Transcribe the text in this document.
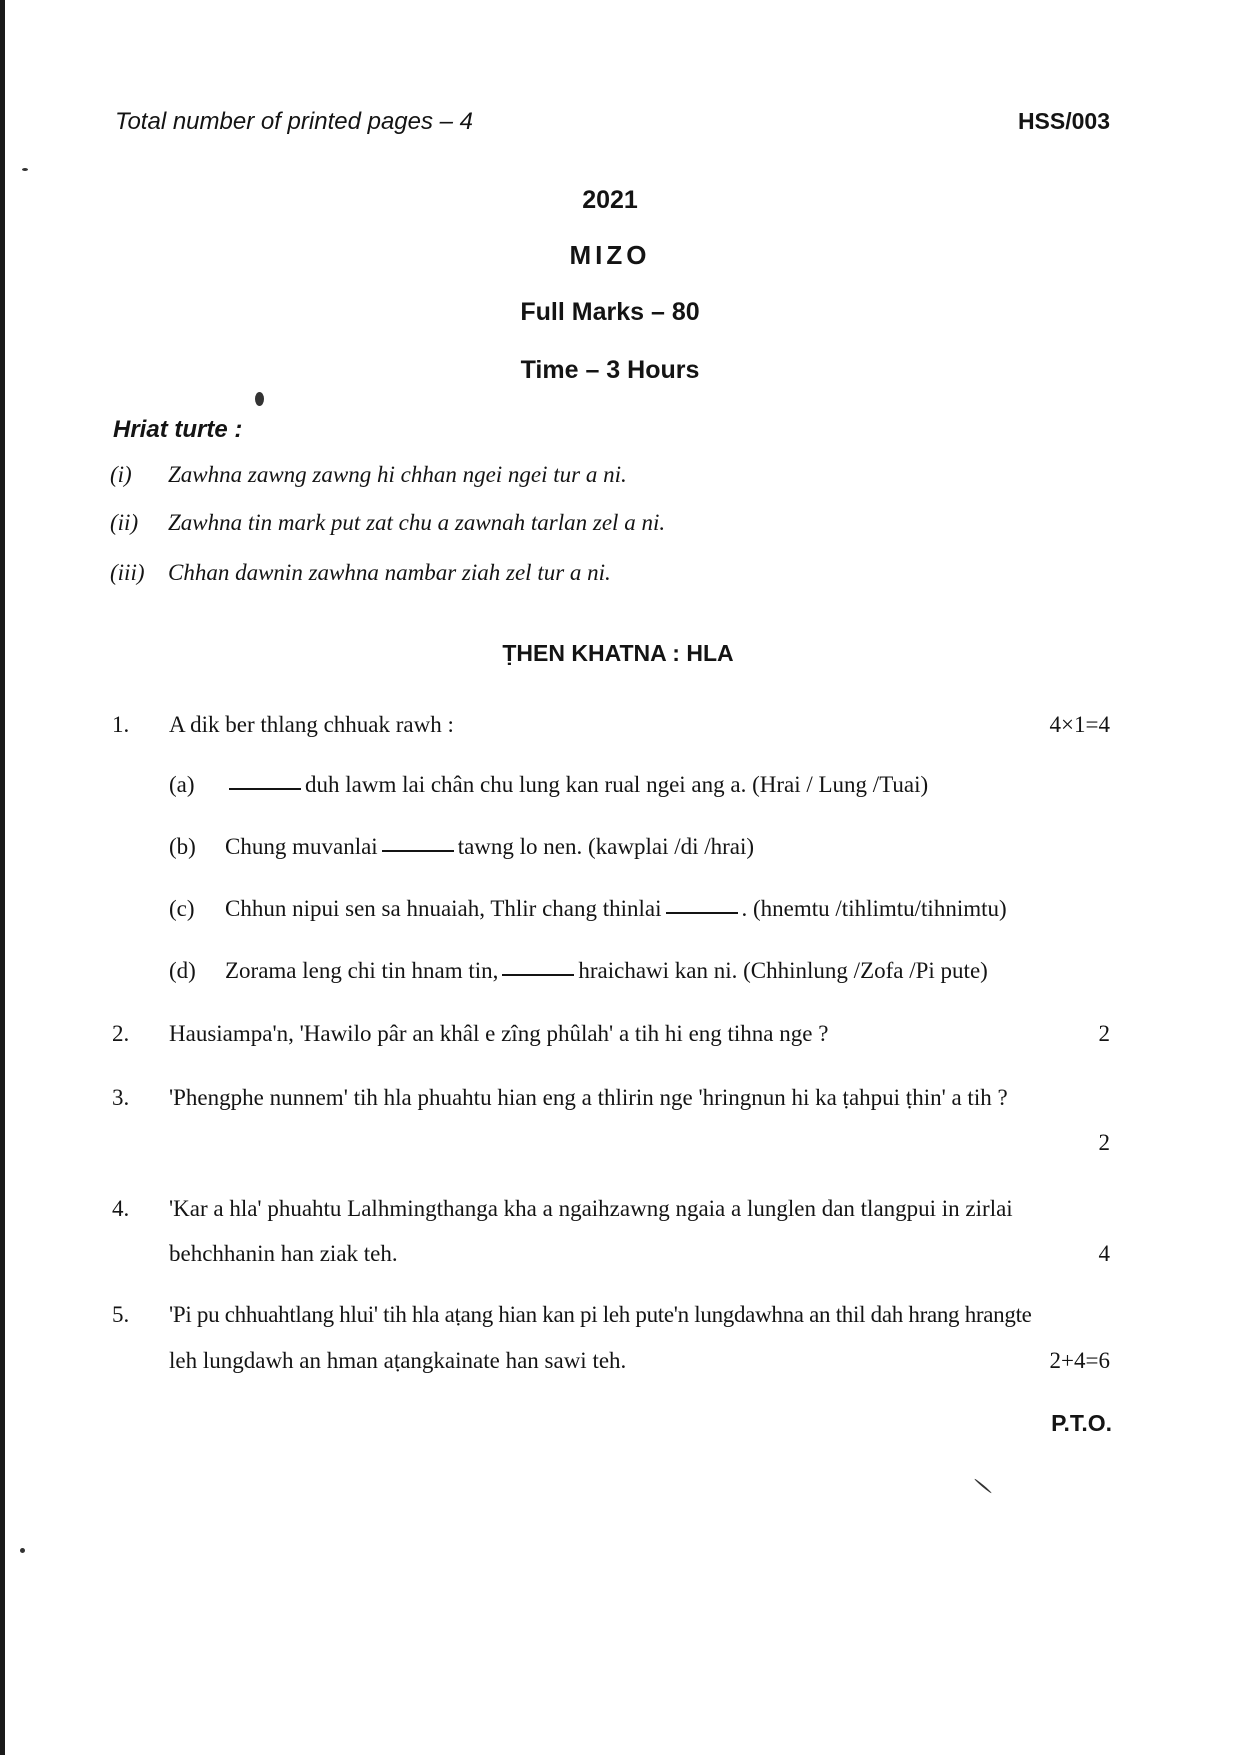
Total number of printed pages – 4	HSS/003
2021
MIZO
Full Marks – 80
Time – 3 Hours
Hriat turte :
(i) Zawhna zawng zawng hi chhan ngei ngei tur a ni.
(ii) Zawhna tin mark put zat chu a zawnah tarlan zel a ni.
(iii) Chhan dawnin zawhna nambar ziah zel tur a ni.
ṬHEN KHATNA : HLA
1. A dik ber thlang chhuak rawh :	4×1=4
(a)	duh lawm lai chân chu lung kan rual ngei ang a. (Hrai / Lung /Tuai)
(b) Chung muvanlai	tawng lo nen. (kawplai /di /hrai)
(c) Chhun nipui sen sa hnuaiah, Thlir chang thinlai	. (hnemtu /tihlimtu/tihnimtu)
(d) Zorama leng chi tin hnam tin,	hraichawi kan ni. (Chhinlung /Zofa /Pi pute)
2. Hausiampa'n, 'Hawilo pâr an khâl e zîng phûlah' a tih hi eng tihna nge ?	2
3. 'Phengphe nunnem' tih hla phuahtu hian eng a thlirin nge 'hringnun hi ka ṭahpui ṭhin' a tih ?
2
4. 'Kar a hla' phuahtu Lalhmingthanga kha a ngaihzawng ngaia a lunglen dan tlangpui in zirlai
behchhanin han ziak teh.	4
5. 'Pi pu chhuahtlang hlui' tih hla aṭang hian kan pi leh pute'n lungdawhna an thil dah hrang hrangte
leh lungdawh an hman aṭangkainate han sawi teh.	2+4=6
P.T.O.
